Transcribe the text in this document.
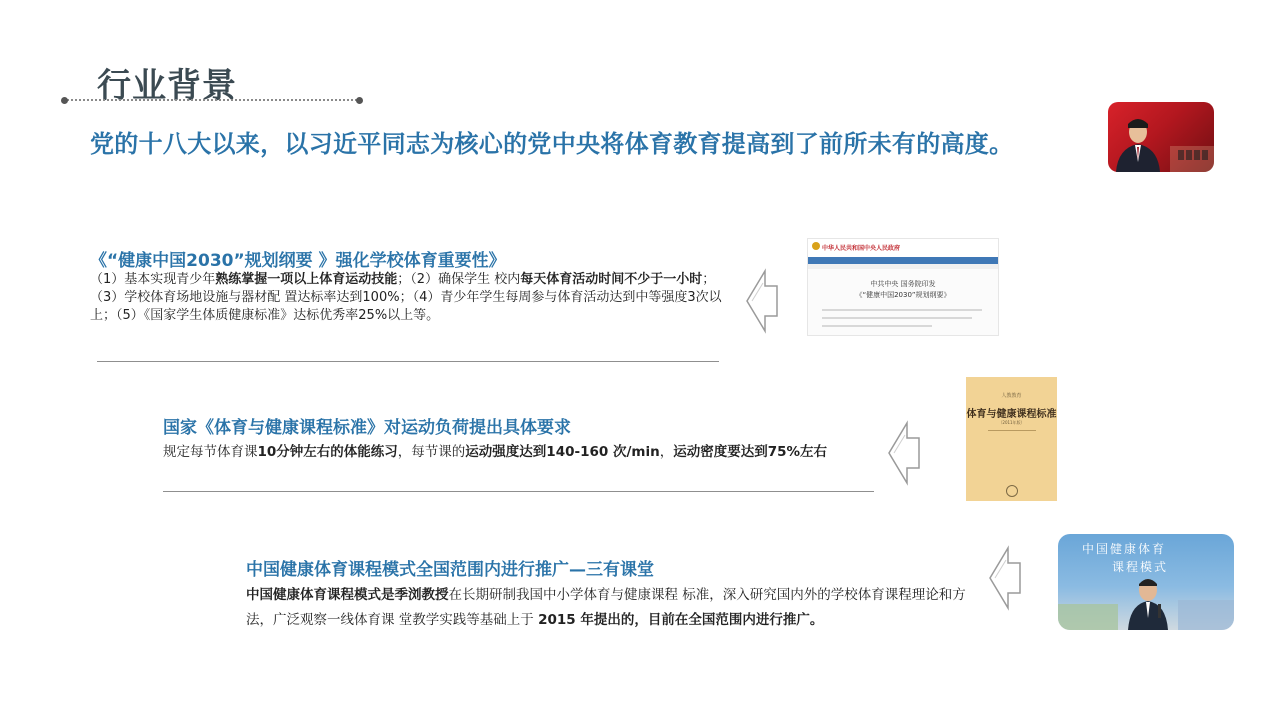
行业背景
党的十八大以来，以习近平同志为核心的党中央将体育教育提高到了前所未有的高度。
《“健康中国2030”规划纲要 》强化学校体育重要性》
（1）基本实现青少年熟练掌握一项以上体育运动技能；（2）确保学生 校内每天体育活动时间不少于一小时；（3）学校体育场地设施与器材配 置达标率达到100%；（4）青少年学生每周参与体育活动达到中等强度3次以上；（5）《国家学生体质健康标准》达标优秀率25%以上等。
国家《体育与健康课程标准》对运动负荷提出具体要求
规定每节体育课10分钟左右的体能练习，每节课的运动强度达到140-160 次/min，运动密度要达到75%左右
中国健康体育课程模式全国范围内进行推广—三有课堂
中国健康体育课程模式是季浏教授在长期研制我国中小学体育与健康课程 标准，深入研究国内外的学校体育课程理论和方法，广泛观察一线体育课 堂教学实践等基础上于 2015 年提出的，目前在全国范围内进行推广。
中华人民共和国中央人民政府
中共中央 国务院印发
《“健康中国2030”规划纲要》
人教教育
体育与健康课程标准
（2011年版）
中国健康体育
课程模式
